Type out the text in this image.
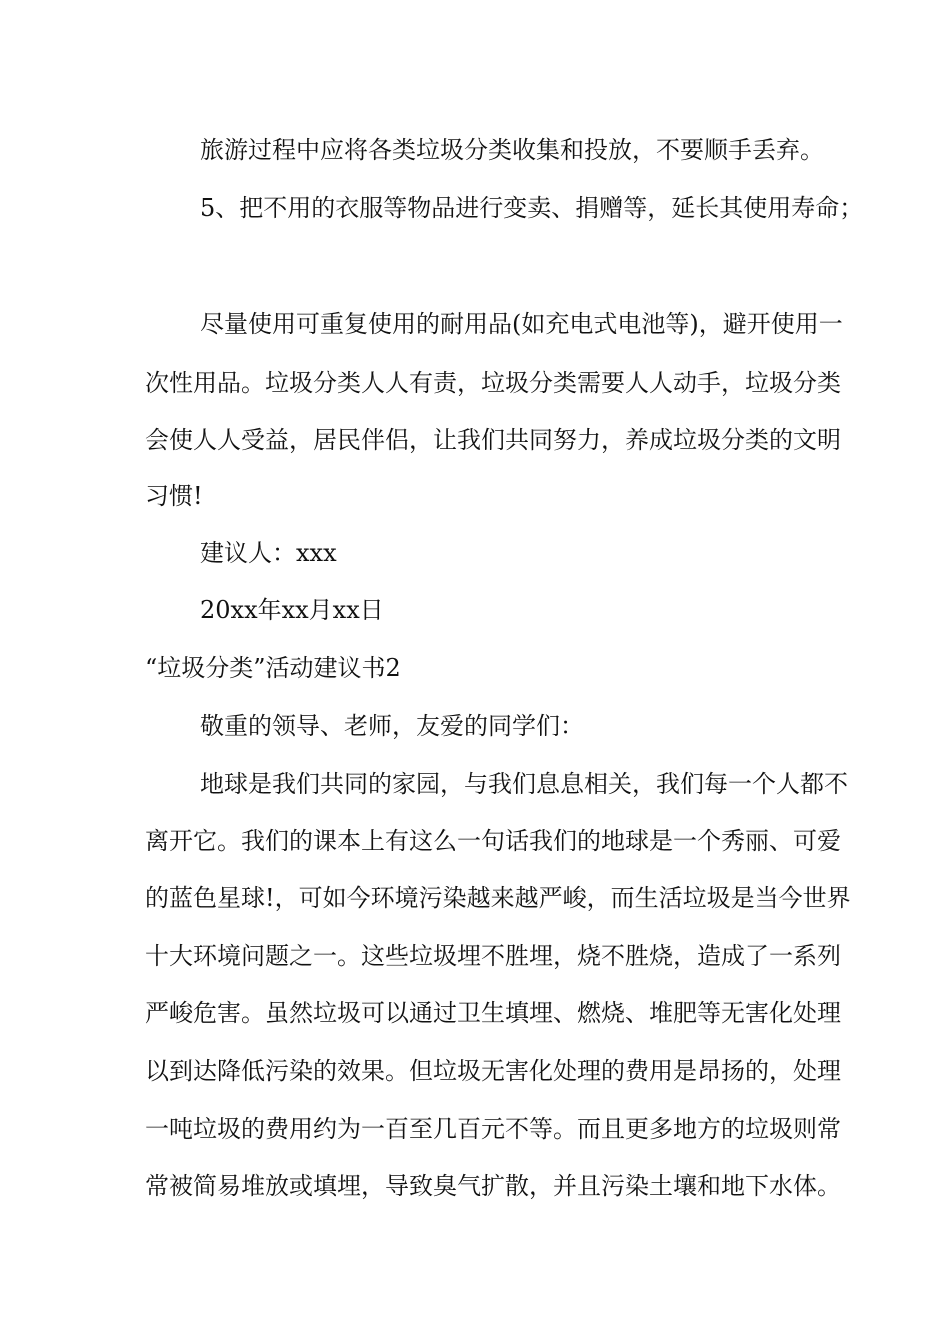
旅游过程中应将各类垃圾分类收集和投放，不要顺手丢弃。
5、把不用的衣服等物品进行变卖、捐赠等，延长其使用寿命；
尽量使用可重复使用的耐用品(如充电式电池等)，避开使用一
次性用品。垃圾分类人人有责，垃圾分类需要人人动手，垃圾分类
会使人人受益，居民伴侣，让我们共同努力，养成垃圾分类的文明
习惯!
建议人：xxx
20xx年xx月xx日
“垃圾分类”活动建议书2
敬重的领导、老师，友爱的同学们：
地球是我们共同的家园，与我们息息相关，我们每一个人都不
离开它。我们的课本上有这么一句话我们的地球是一个秀丽、可爱
的蓝色星球!，可如今环境污染越来越严峻，而生活垃圾是当今世界
十大环境问题之一。这些垃圾埋不胜埋，烧不胜烧，造成了一系列
严峻危害。虽然垃圾可以通过卫生填埋、燃烧、堆肥等无害化处理
以到达降低污染的效果。但垃圾无害化处理的费用是昂扬的，处理
一吨垃圾的费用约为一百至几百元不等。而且更多地方的垃圾则常
常被简易堆放或填埋，导致臭气扩散，并且污染土壤和地下水体。
